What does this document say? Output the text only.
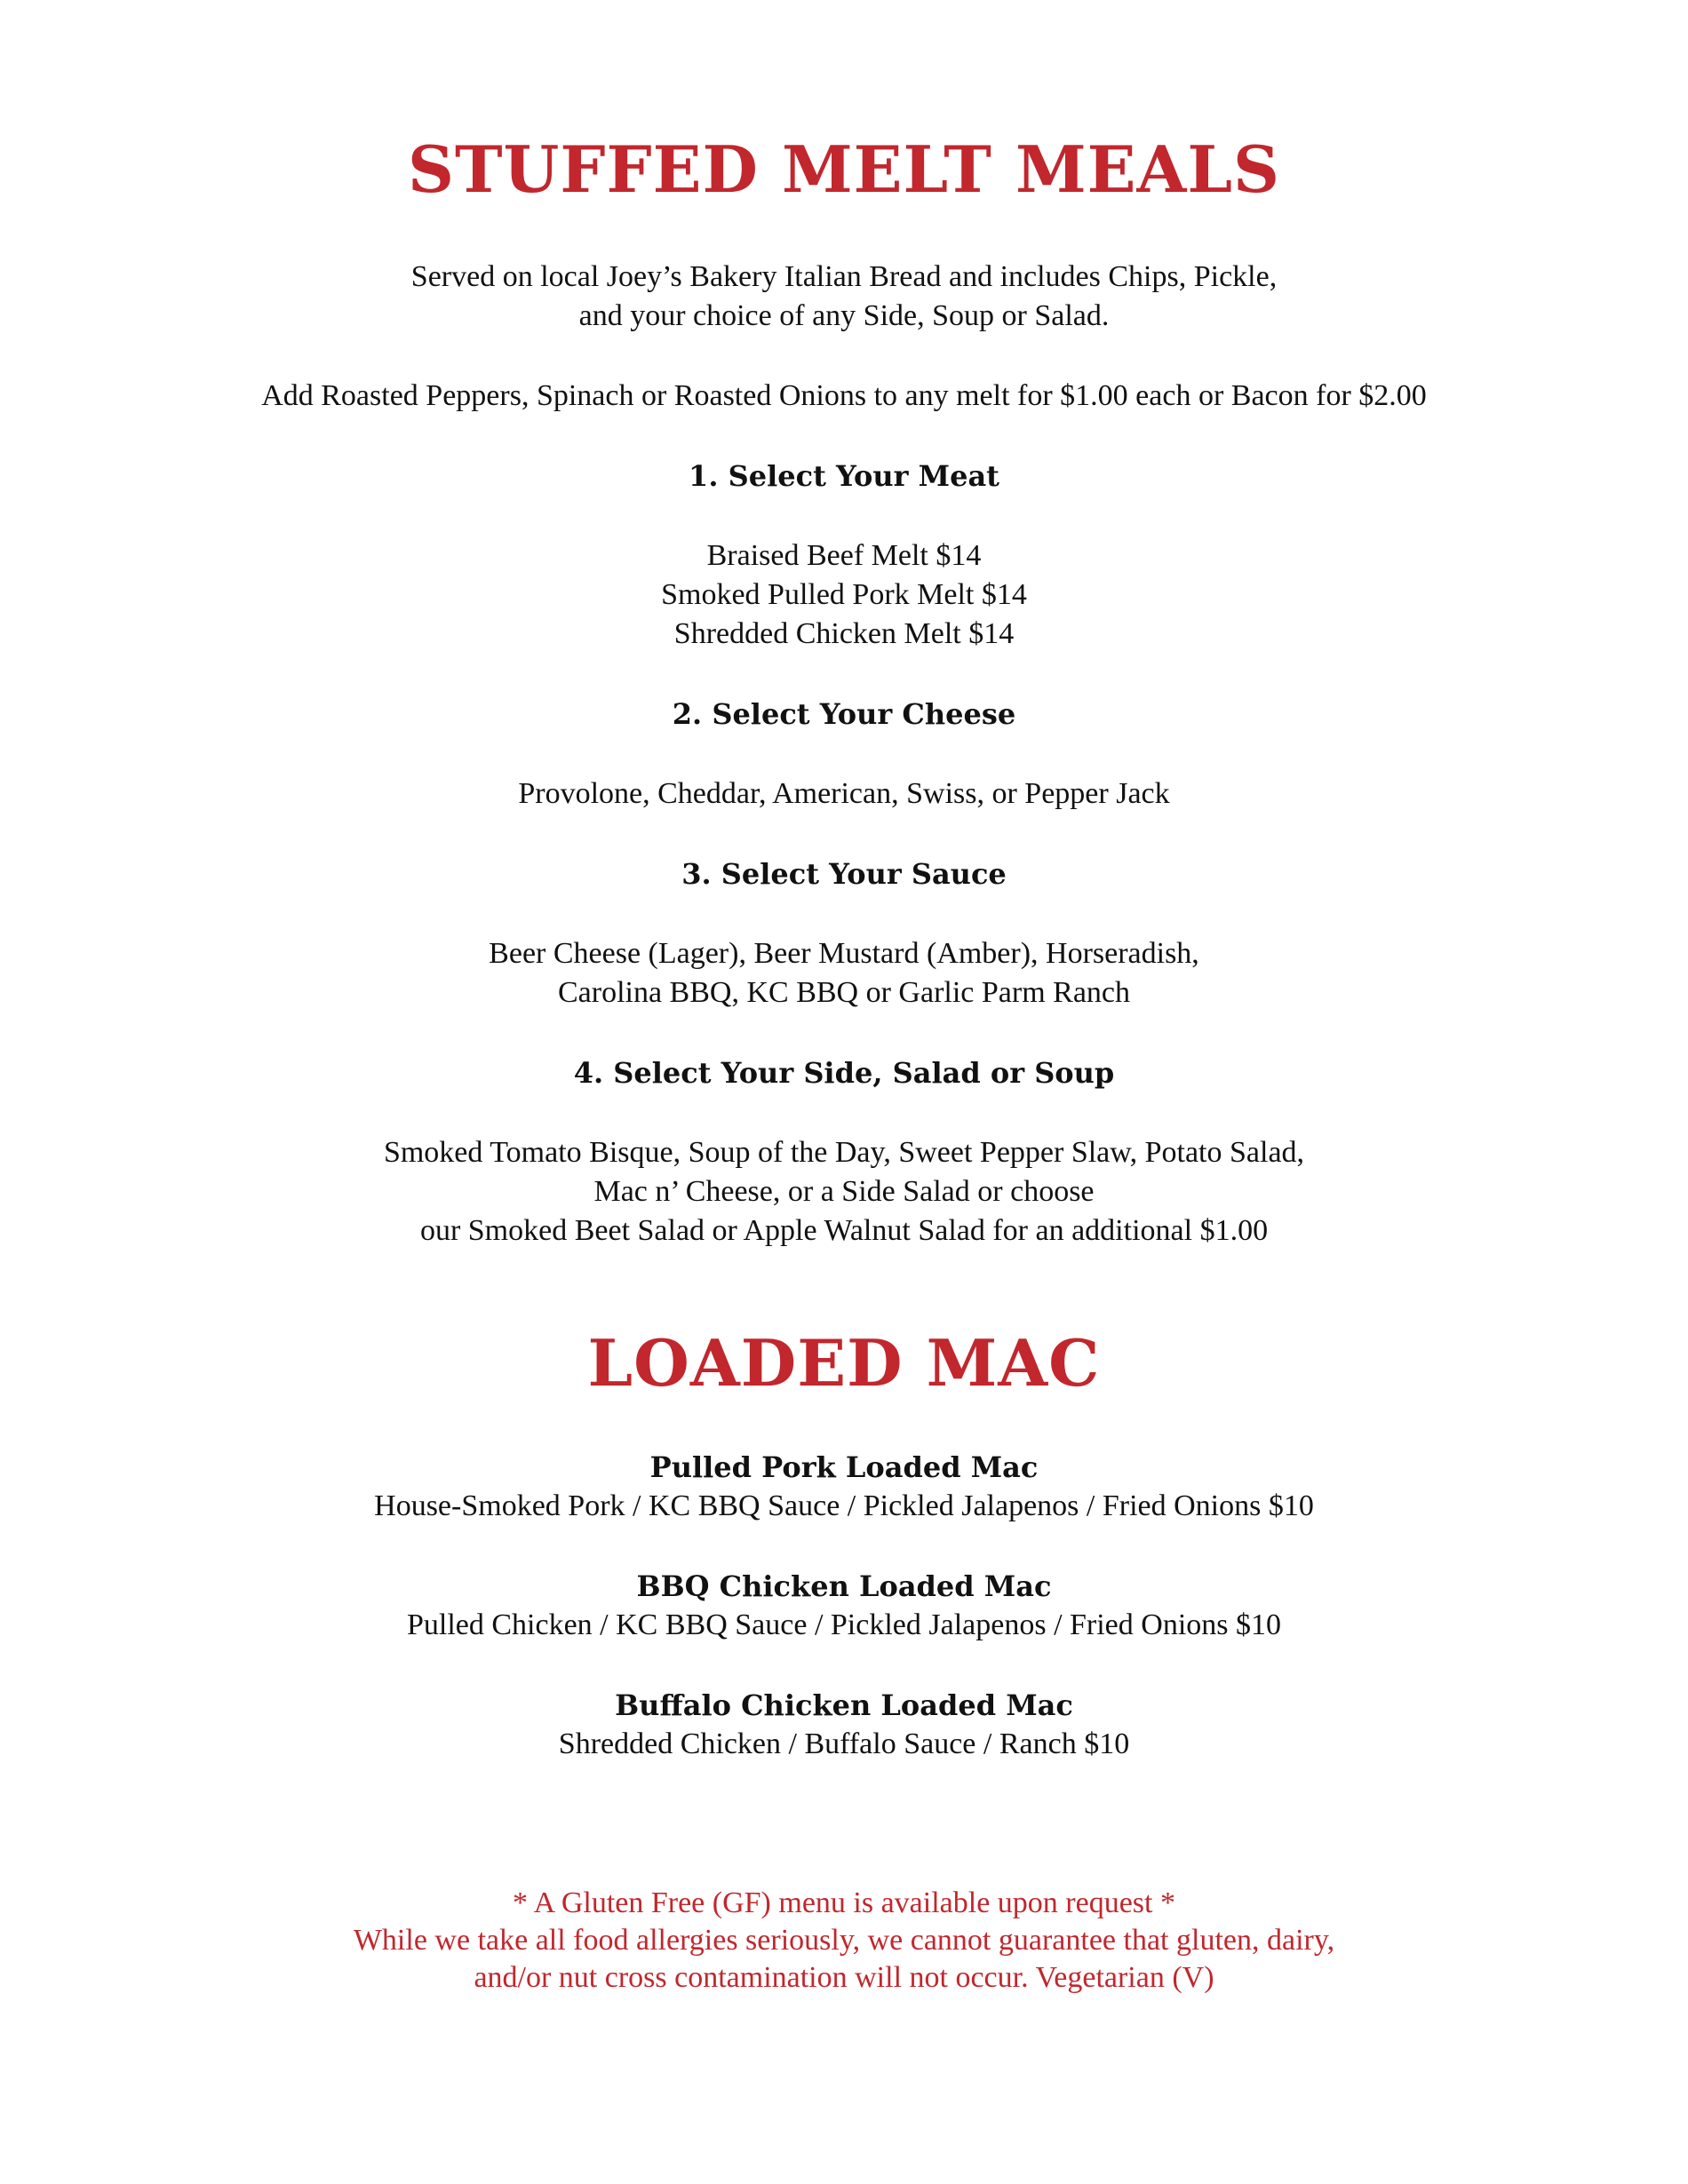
STUFFED MELT MEALS
Served on local Joey’s Bakery Italian Bread and includes Chips, Pickle,
and your choice of any Side, Soup or Salad.
Add Roasted Peppers, Spinach or Roasted Onions to any melt for $1.00 each or Bacon for $2.00
1. Select Your Meat
Braised Beef Melt $14
Smoked Pulled Pork Melt $14
Shredded Chicken Melt $14
2. Select Your Cheese
Provolone, Cheddar, American, Swiss, or Pepper Jack
3. Select Your Sauce
Beer Cheese (Lager), Beer Mustard (Amber), Horseradish,
Carolina BBQ, KC BBQ or Garlic Parm Ranch
4. Select Your Side, Salad or Soup
Smoked Tomato Bisque, Soup of the Day, Sweet Pepper Slaw, Potato Salad,
Mac n’ Cheese, or a Side Salad or choose
our Smoked Beet Salad or Apple Walnut Salad for an additional $1.00
LOADED MAC
Pulled Pork Loaded Mac
House-Smoked Pork / KC BBQ Sauce / Pickled Jalapenos / Fried Onions $10
BBQ Chicken Loaded Mac
Pulled Chicken / KC BBQ Sauce / Pickled Jalapenos / Fried Onions $10
Buffalo Chicken Loaded Mac
Shredded Chicken / Buffalo Sauce / Ranch $10
* A Gluten Free (GF) menu is available upon request *
While we take all food allergies seriously, we cannot guarantee that gluten, dairy,
and/or nut cross contamination will not occur. Vegetarian (V)
